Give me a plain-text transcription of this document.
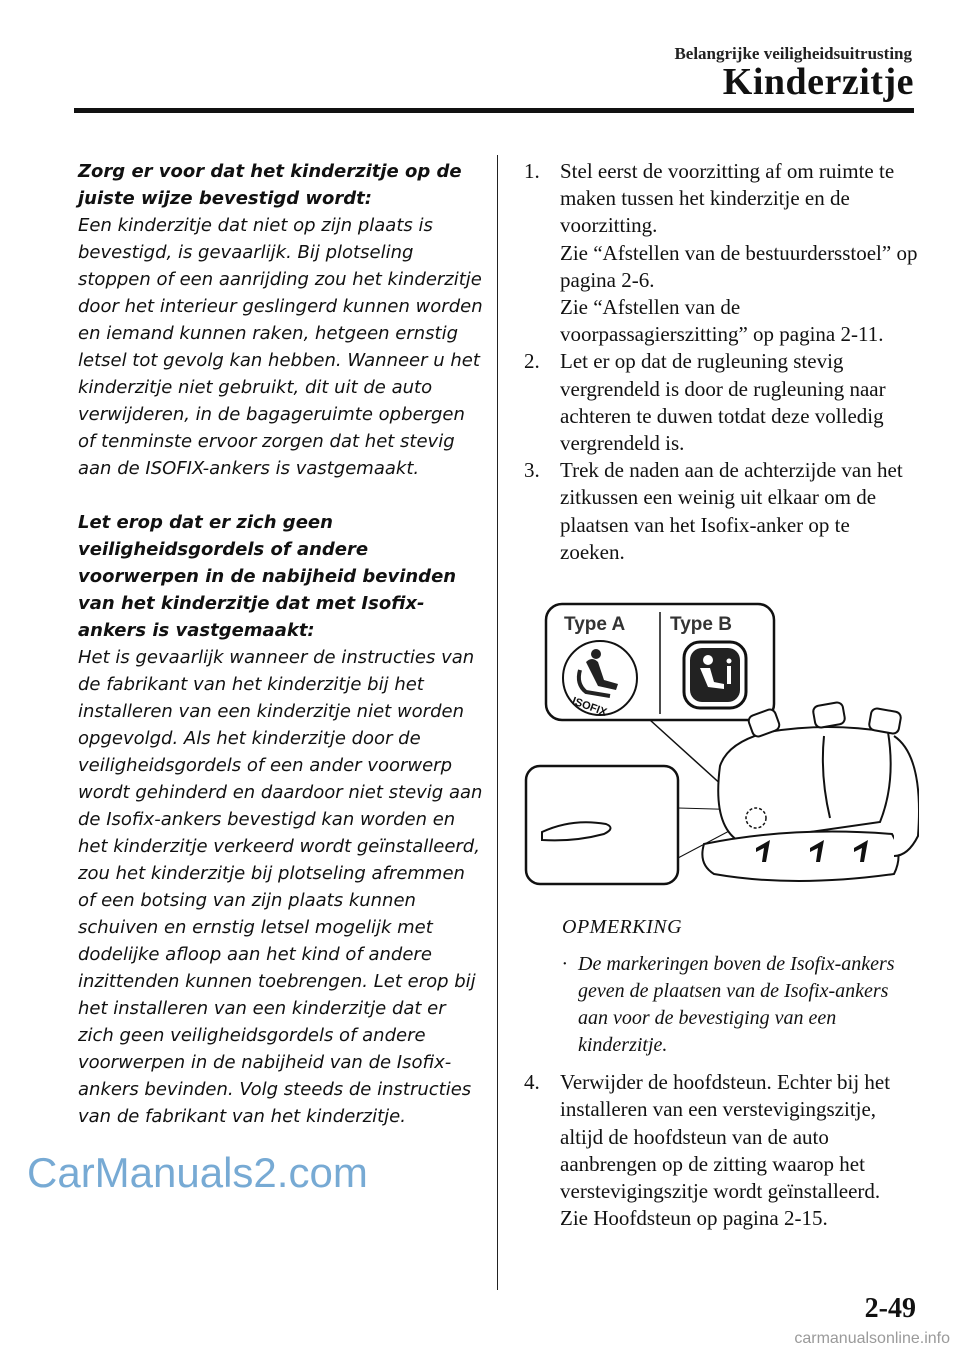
Belangrijke veiligheidsuitrusting
Kinderzitje

Zorg er voor dat het kinderzitje op de juiste wijze bevestigd wordt:
Een kinderzitje dat niet op zijn plaats is bevestigd, is gevaarlijk. Bij plotseling stoppen of een aanrijding zou het kinderzitje door het interieur geslingerd kunnen worden en iemand kunnen raken, hetgeen ernstig letsel tot gevolg kan hebben. Wanneer u het kinderzitje niet gebruikt, dit uit de auto verwijderen, in de bagageruimte opbergen of tenminste ervoor zorgen dat het stevig aan de ISOFIX-ankers is vastgemaakt.

Let erop dat er zich geen veiligheidsgordels of andere voorwerpen in de nabijheid bevinden van het kinderzitje dat met Isofix-ankers is vastgemaakt:
Het is gevaarlijk wanneer de instructies van de fabrikant van het kinderzitje bij het installeren van een kinderzitje niet worden opgevolgd. Als het kinderzitje door de veiligheidsgordels of een ander voorwerp wordt gehinderd en daardoor niet stevig aan de Isofix-ankers bevestigd kan worden en het kinderzitje verkeerd wordt geïnstalleerd, zou het kinderzitje bij plotseling afremmen of een botsing van zijn plaats kunnen schuiven en ernstig letsel mogelijk met dodelijke afloop aan het kind of andere inzittenden kunnen toebrengen. Let erop bij het installeren van een kinderzitje dat er zich geen veiligheidsgordels of andere voorwerpen in de nabijheid van de Isofix-ankers bevinden. Volg steeds de instructies van de fabrikant van het kinderzitje.

1. Stel eerst de voorzitting af om ruimte te maken tussen het kinderzitje en de voorzitting.
Zie “Afstellen van de bestuurdersstoel” op pagina 2-6.
Zie “Afstellen van de voorpassagierszitting” op pagina 2-11.

2. Let er op dat de rugleuning stevig vergrendeld is door de rugleuning naar achteren te duwen totdat deze volledig vergrendeld is.

3. Trek de naden aan de achterzijde van het zitkussen een weinig uit elkaar om de plaatsen van het Isofix-anker op te zoeken.

Type A Type B
ISOFIX
OPMERKING
· De markeringen boven de Isofix-ankers geven de plaatsen van de Isofix-ankers aan voor de bevestiging van een kinderzitje.

4. Verwijder de hoofdsteun. Echter bij het installeren van een verstevigingszitje, altijd de hoofdsteun van de auto aanbrengen op de zitting waarop het verstevigingszitje wordt geïnstalleerd.
Zie Hoofdsteun op pagina 2-15.

CarManuals2.com
2-49
carmanualsonline.info
